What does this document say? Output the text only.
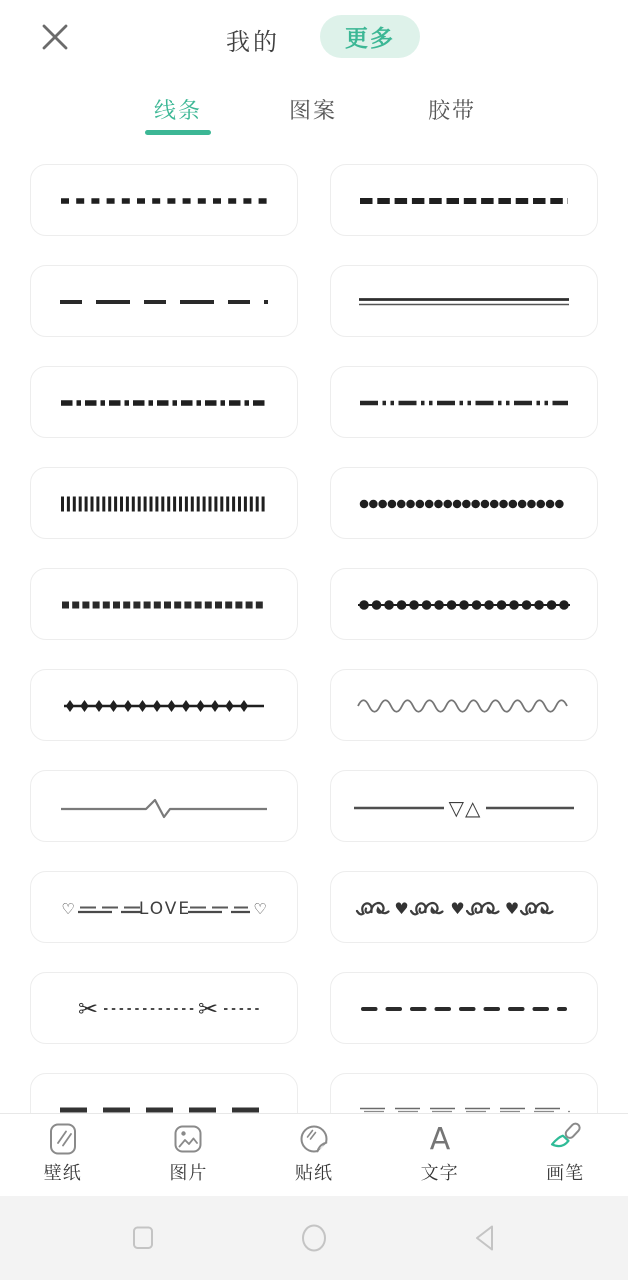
我的	更多
线条	图案	胶带
▽△
♡	♡
LOVE	♥	♥	♥
✂	✂
壁纸	图片	贴纸
A
文字	画笔
